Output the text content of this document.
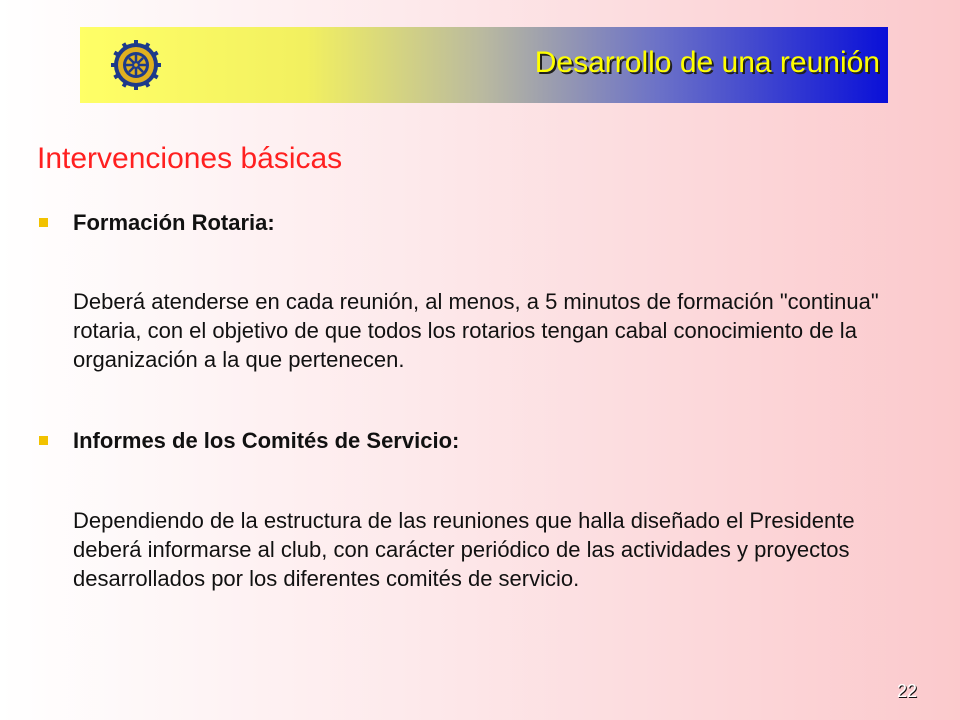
Desarrollo de una reunión
Intervenciones básicas
Formación Rotaria:

Deberá atenderse en cada reunión, al menos, a 5 minutos de formación "continua" rotaria, con el objetivo de que todos los rotarios tengan cabal conocimiento de la organización a la que pertenecen.

Informes de los Comités de Servicio:

Dependiendo de la estructura de las reuniones que halla diseñado el Presidente deberá informarse al club, con carácter periódico de las actividades y proyectos desarrollados por los diferentes comités de servicio.

22
